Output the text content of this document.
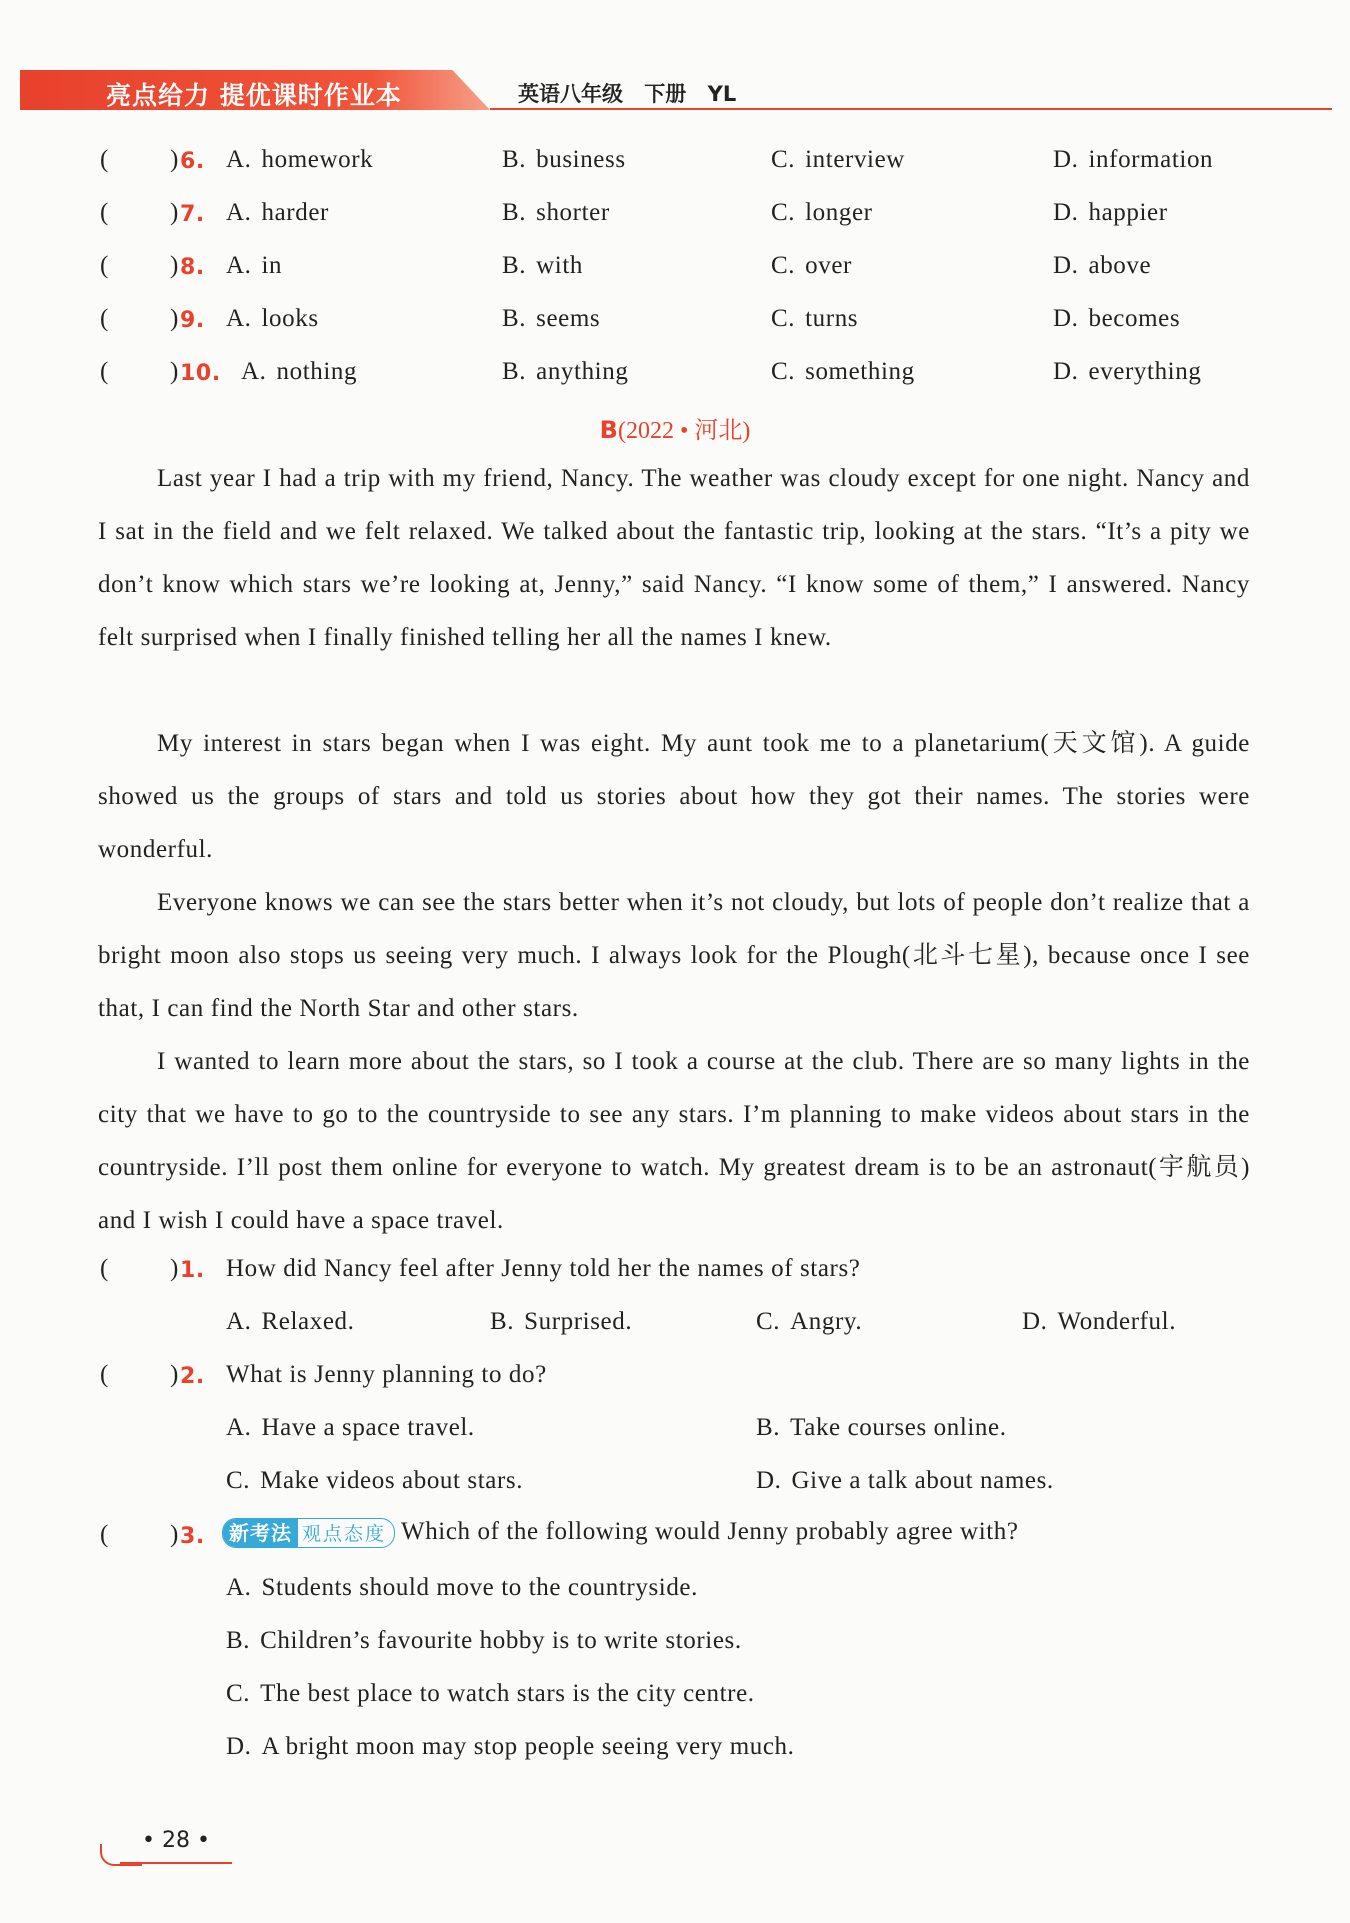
亮点给力 提优课时作业本	英语八年级 下册 YL
( ) 6. A. homework	B. business	C. interview	D. information
( ) 7. A. harder	B. shorter	C. longer	D. happier
( ) 8. A. in	B. with	C. over	D. above
( ) 9. A. looks	B. seems	C. turns	D. becomes
( ) 10. A. nothing	B. anything	C. something	D. everything
B(2022 • 河北)
Last year I had a trip with my friend, Nancy. The weather was cloudy except for one night. Nancy and I sat in the field and we felt relaxed. We talked about the fantastic trip, looking at the stars. “It’s a pity we don’t know which stars we’re looking at, Jenny,” said Nancy. “I know some of them,” I answered. Nancy felt surprised when I finally finished telling her all the names I knew.
My interest in stars began when I was eight. My aunt took me to a planetarium(天文馆). A guide showed us the groups of stars and told us stories about how they got their names. The stories were wonderful.
Everyone knows we can see the stars better when it’s not cloudy, but lots of people don’t realize that a bright moon also stops us seeing very much. I always look for the Plough(北斗七星), because once I see that, I can find the North Star and other stars.
I wanted to learn more about the stars, so I took a course at the club. There are so many lights in the city that we have to go to the countryside to see any stars. I’m planning to make videos about stars in the countryside. I’ll post them online for everyone to watch. My greatest dream is to be an astronaut(宇航员) and I wish I could have a space travel.
( ) 1. How did Nancy feel after Jenny told her the names of stars?
A. Relaxed.	B. Surprised.	C. Angry.	D. Wonderful.
( ) 2. What is Jenny planning to do?
A. Have a space travel.	B. Take courses online.
C. Make videos about stars.	D. Give a talk about names.
( ) 3.	新考法 观点态度 Which of the following would Jenny probably agree with?
A. Students should move to the countryside.
B. Children’s favourite hobby is to write stories.
C. The best place to watch stars is the city centre.
D. A bright moon may stop people seeing very much.
• 28 •
